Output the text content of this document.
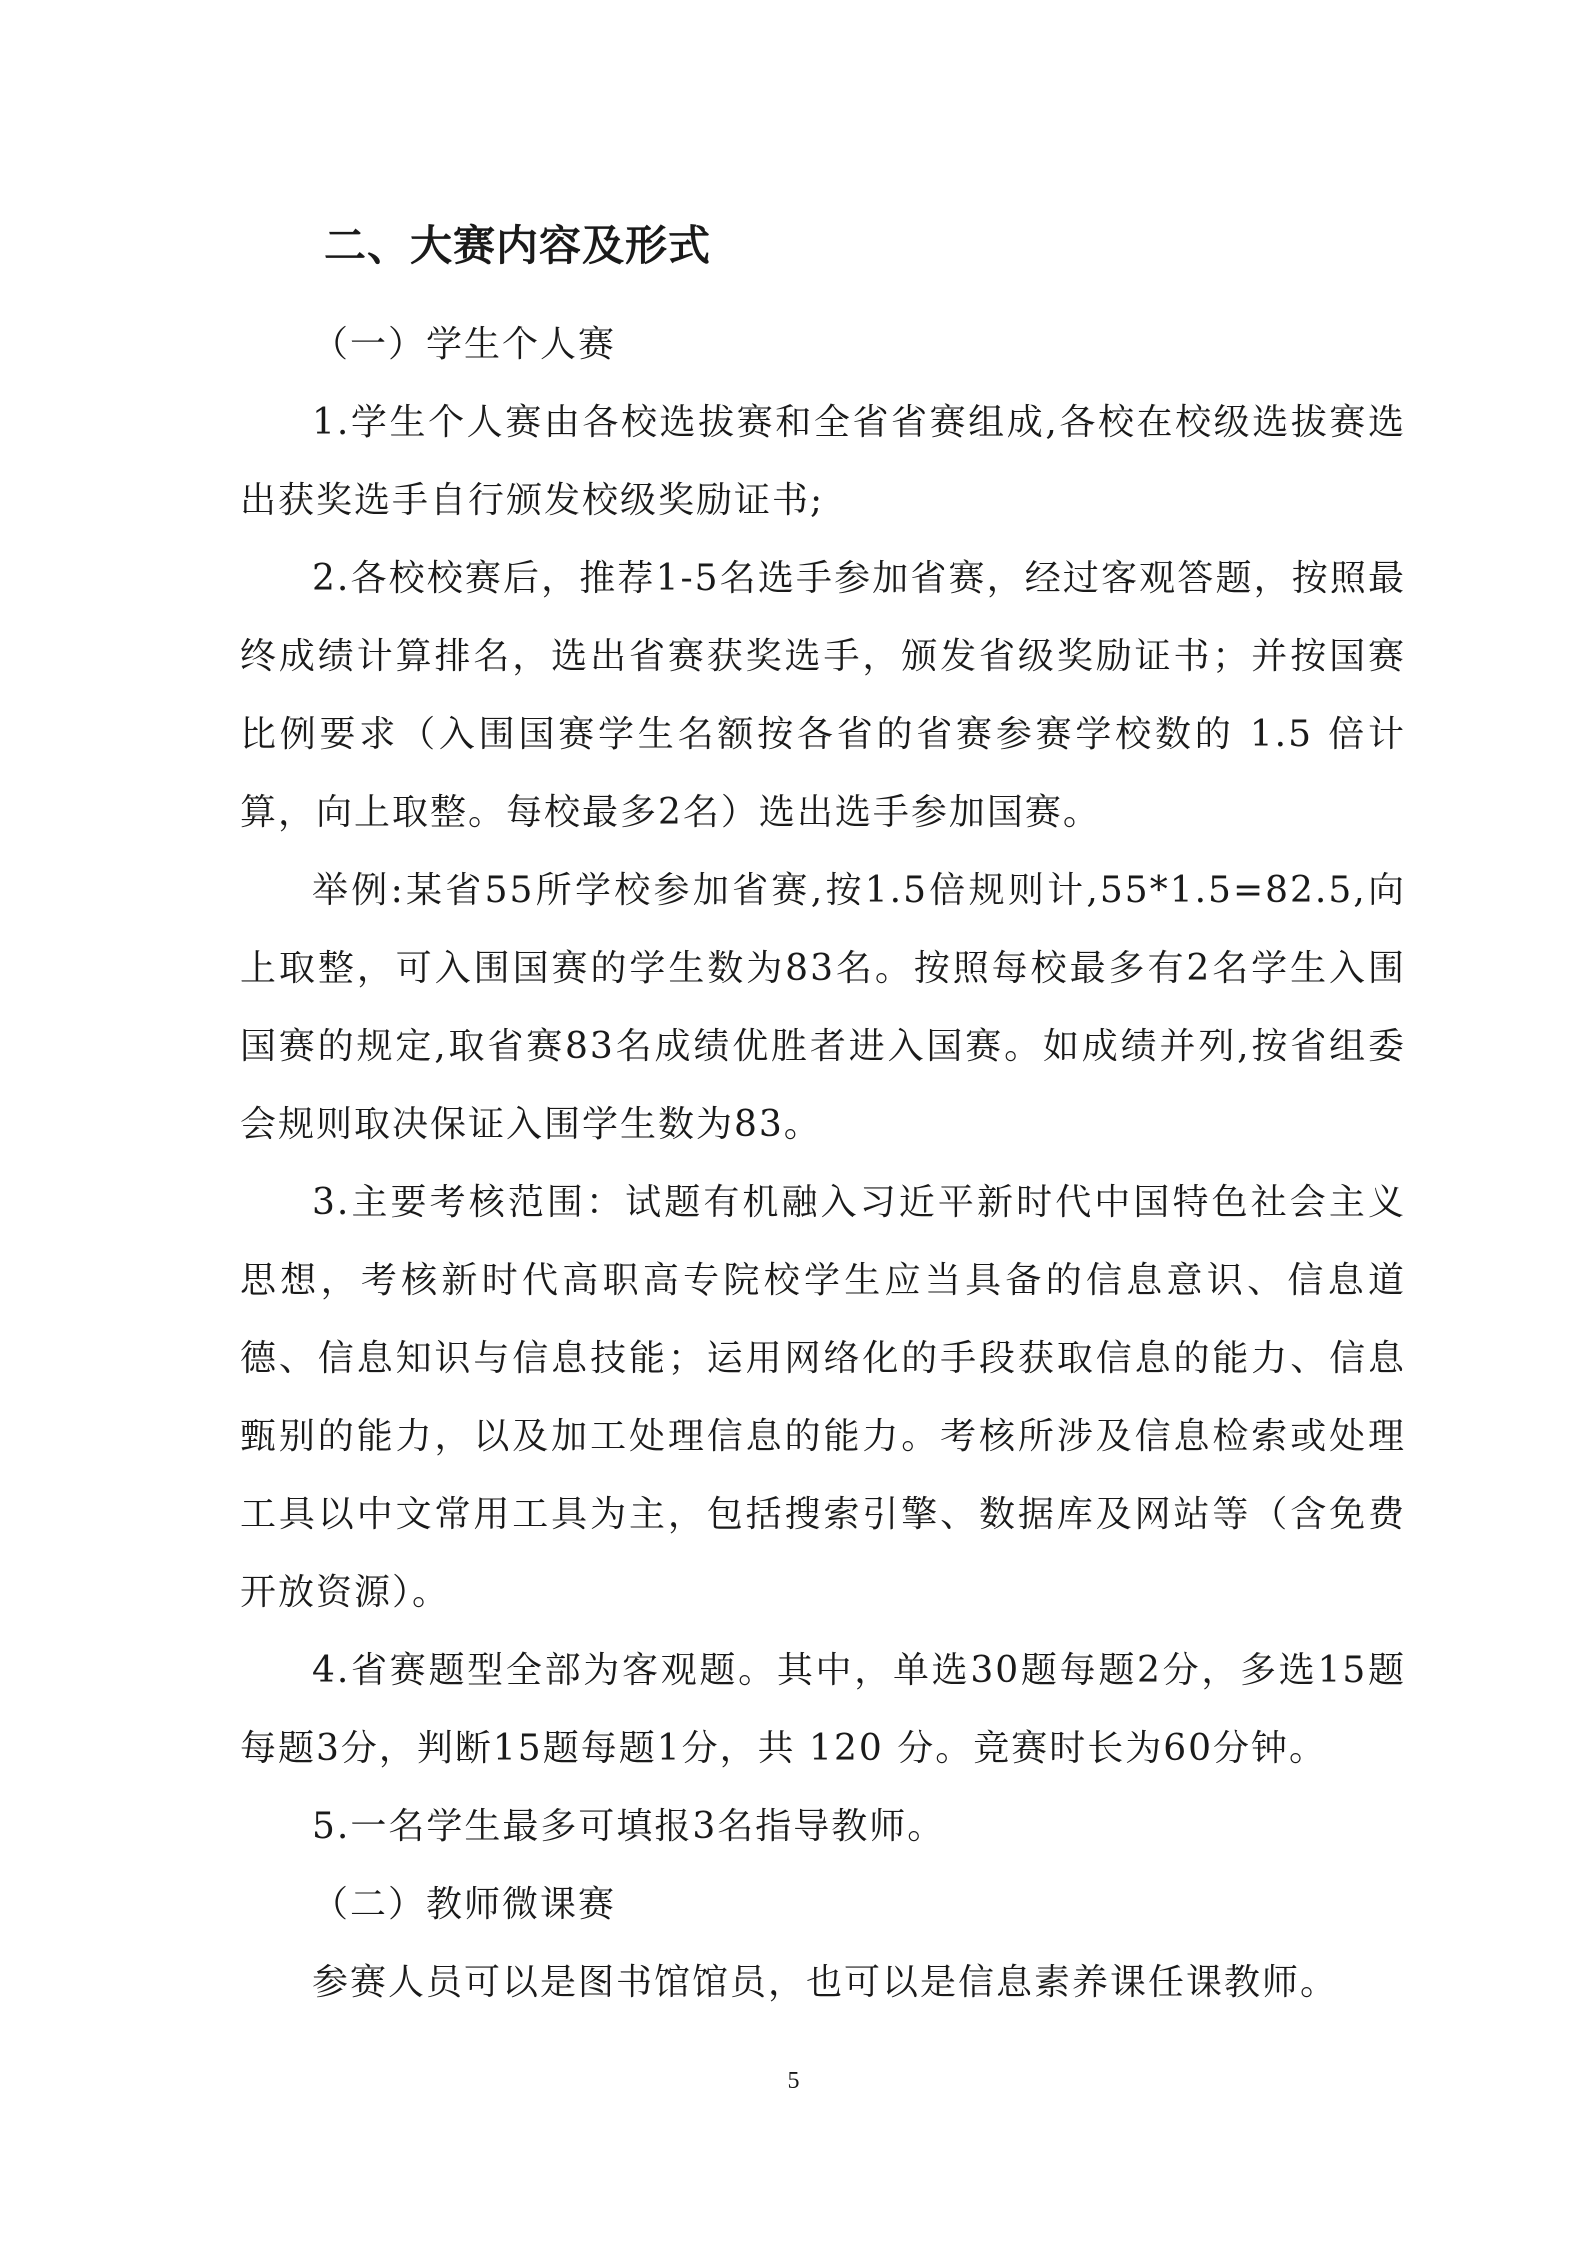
二、大赛内容及形式

（一）学生个人赛

1.学生个人赛由各校选拔赛和全省省赛组成,各校在校级选拔赛选出获奖选手自行颁发校级奖励证书;

2.各校校赛后，推荐1-5名选手参加省赛，经过客观答题，按照最终成绩计算排名，选出省赛获奖选手，颁发省级奖励证书；并按国赛比例要求（入围国赛学生名额按各省的省赛参赛学校数的 1.5 倍计算，向上取整。每校最多2名）选出选手参加国赛。

举例:某省55所学校参加省赛,按1.5倍规则计,55*1.5=82.5,向上取整，可入围国赛的学生数为83名。按照每校最多有2名学生入围国赛的规定,取省赛83名成绩优胜者进入国赛。如成绩并列,按省组委会规则取决保证入围学生数为83。

3.主要考核范围：试题有机融入习近平新时代中国特色社会主义思想，考核新时代高职高专院校学生应当具备的信息意识、信息道德、信息知识与信息技能；运用网络化的手段获取信息的能力、信息甄别的能力，以及加工处理信息的能力。考核所涉及信息检索或处理工具以中文常用工具为主，包括搜索引擎、数据库及网站等（含免费开放资源）。

4.省赛题型全部为客观题。其中，单选30题每题2分，多选15题每题3分，判断15题每题1分，共 120 分。竞赛时长为60分钟。

5.一名学生最多可填报3名指导教师。

（二）教师微课赛

参赛人员可以是图书馆馆员，也可以是信息素养课任课教师。

5
